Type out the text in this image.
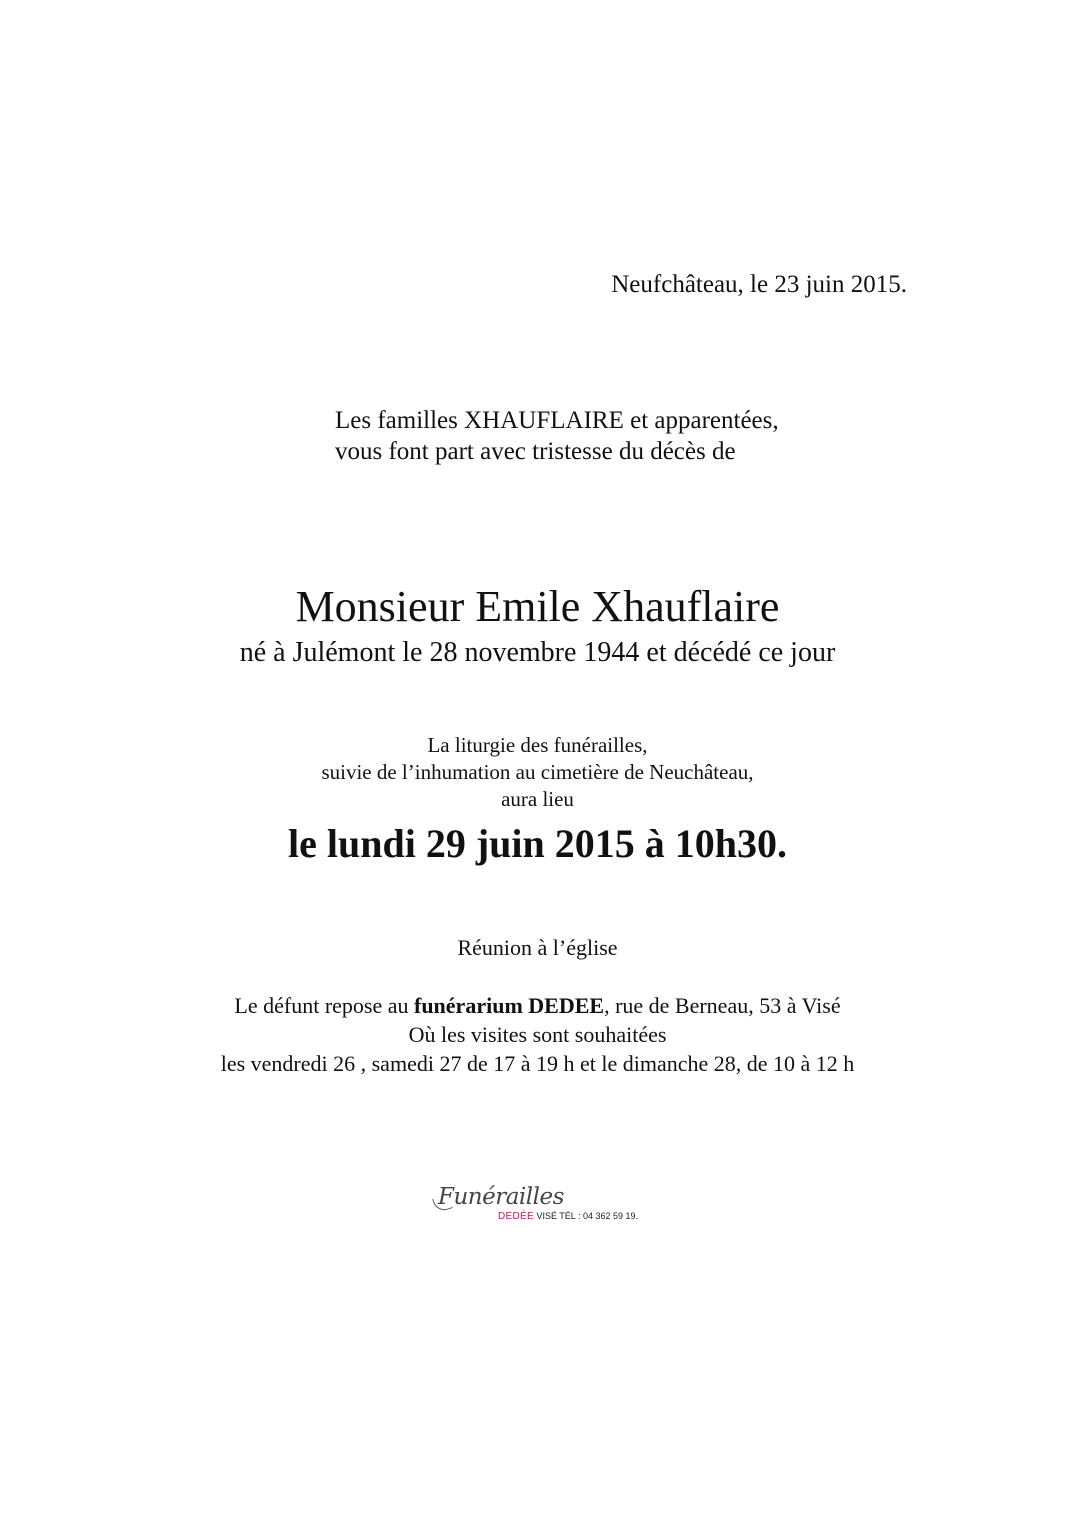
Neufchâteau, le 23 juin 2015.
Les familles XHAUFLAIRE et apparentées,
vous font part avec tristesse du décès de
Monsieur Emile Xhauflaire
né à Julémont le 28 novembre 1944 et décédé ce jour
La liturgie des funérailles,
suivie de l’inhumation au cimetière de Neuchâteau,
aura lieu
le lundi 29 juin 2015 à 10h30.
Réunion à l’église
Le défunt repose au funérarium DEDEE, rue de Berneau, 53 à Visé
Où les visites sont souhaitées
les vendredi 26 , samedi 27 de 17 à 19 h et le dimanche 28, de 10 à 12 h
Funérailles
DEDÉE VISÉ TÉL : 04 362 59 19.
